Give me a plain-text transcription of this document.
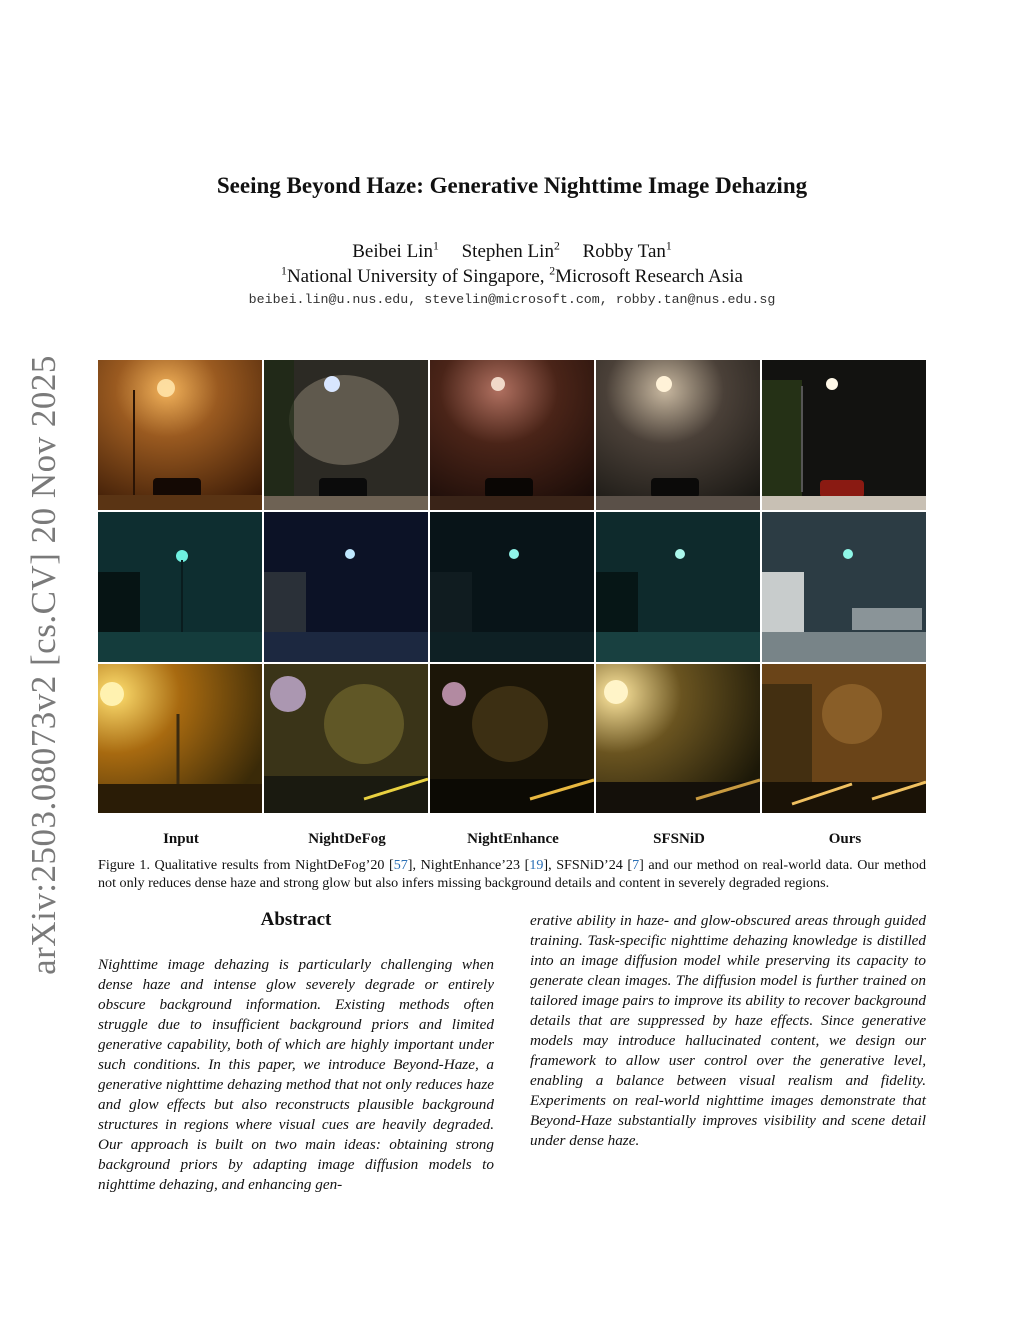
arXiv:2503.08073v2 [cs.CV] 20 Nov 2025
Seeing Beyond Haze: Generative Nighttime Image Dehazing
Beibei Lin$^1$ Stephen Lin$^2$ Robby Tan$^1$
$^1$National University of Singapore, $^2$Microsoft Research Asia
beibei.lin@u.nus.edu, stevelin@microsoft.com, robby.tan@nus.edu.sg
Input	NightDeFog	NightEnhance	SFSNiD	Ours
Figure 1. Qualitative results from NightDeFog’20 [57], NightEnhance’23 [19], SFSNiD’24 [7] and our method on real-world data. Our method not only reduces dense haze and strong glow but also infers missing background details and content in severely degraded regions.
Abstract
Nighttime image dehazing is particularly challenging when dense haze and intense glow severely degrade or entirely obscure background information. Existing methods often struggle due to insufficient background priors and limited generative capability, both of which are highly important under such conditions. In this paper, we introduce Beyond-Haze, a generative nighttime dehazing method that not only reduces haze and glow effects but also reconstructs plausible background structures in regions where visual cues are heavily degraded. Our approach is built on two main ideas: obtaining strong background priors by adapting image diffusion models to nighttime dehazing, and enhancing gen-
erative ability in haze- and glow-obscured areas through guided training. Task-specific nighttime dehazing knowledge is distilled into an image diffusion model while preserving its capacity to generate clean images. The diffusion model is further trained on tailored image pairs to improve its ability to recover background details that are suppressed by haze effects. Since generative models may introduce hallucinated content, we design our framework to allow user control over the generative level, enabling a balance between visual realism and fidelity. Experiments on real-world nighttime images demonstrate that Beyond-Haze substantially improves visibility and scene detail under dense haze.
